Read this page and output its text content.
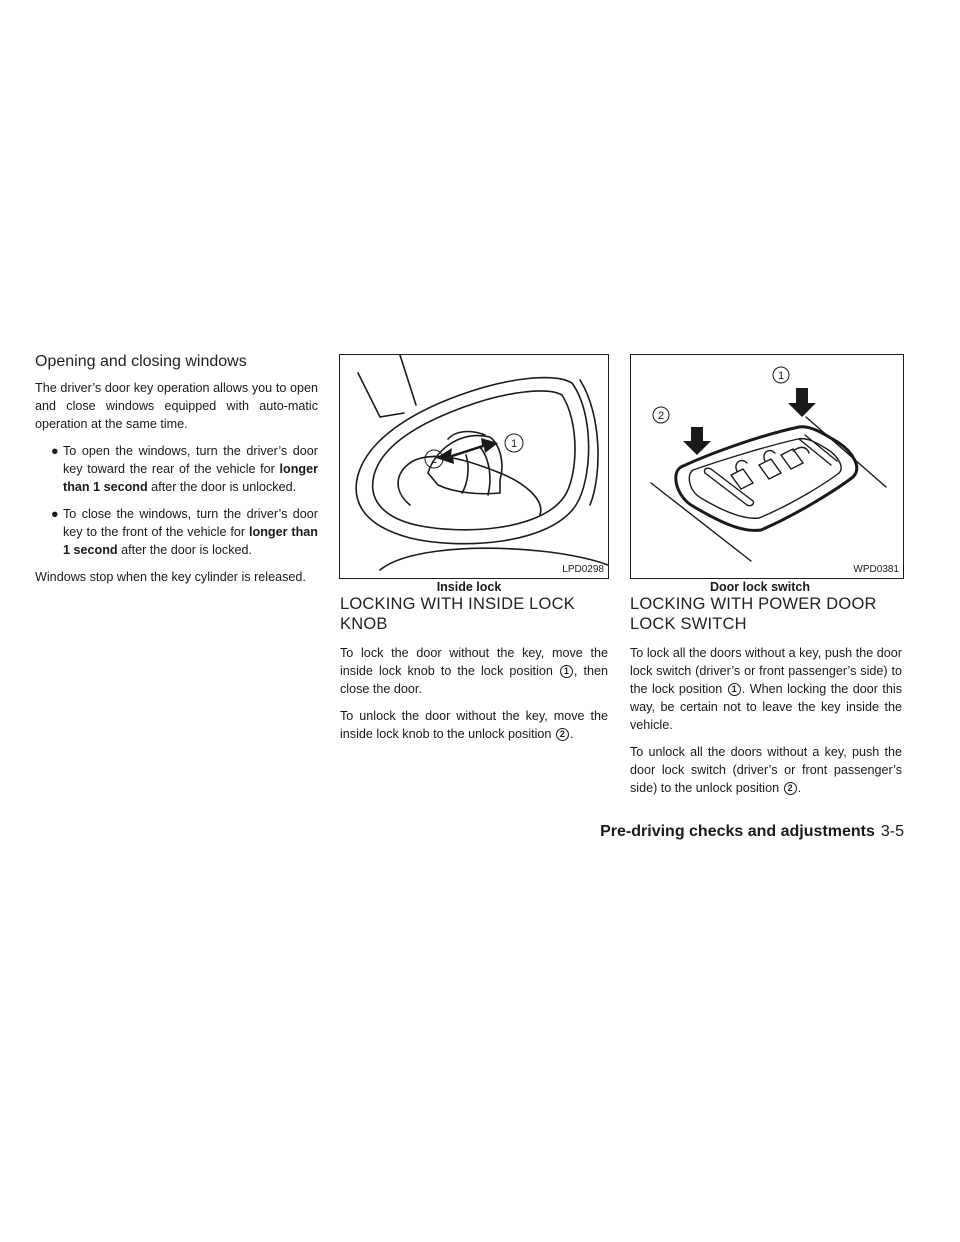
Opening and closing windows

The driver’s door key operation allows you to open and close windows equipped with auto-matic operation at the same time.

● To open the windows, turn the driver’s door key toward the rear of the vehicle for longer than 1 second after the door is unlocked.
● To close the windows, turn the driver’s door key to the front of the vehicle for longer than 1 second after the door is locked.

Windows stop when the key cylinder is released.

1
2
LPD0298
Inside lock
1
2
WPD0381
Door lock switch
LOCKING WITH INSIDE LOCK KNOB

To lock the door without the key, move the inside lock knob to the lock position 1 , then close the door.

To unlock the door without the key, move the inside lock knob to the unlock position 2 .

LOCKING WITH POWER DOOR LOCK SWITCH

To lock all the doors without a key, push the door lock switch (driver’s or front passenger’s side) to the lock position 1 . When locking the door this way, be certain not to leave the key inside the vehicle.

To unlock all the doors without a key, push the door lock switch (driver’s or front passenger’s side) to the unlock position 2 .

Pre-driving checks and adjustments 3-5
